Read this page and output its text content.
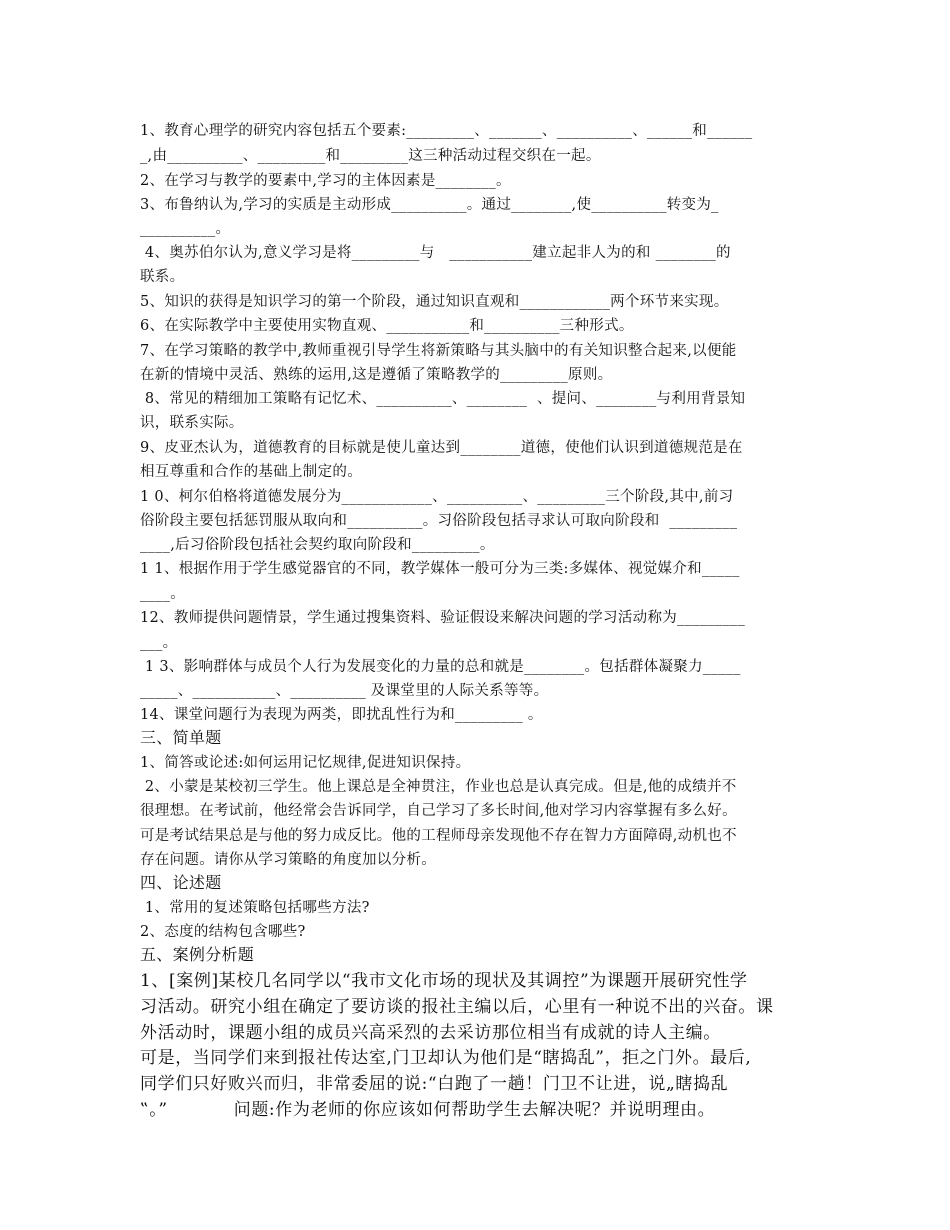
1、教育心理学的研究内容包括五个要素:_________、_______、__________、______和______
_,由__________、_________和_________这三种活动过程交织在一起。
2、在学习与教学的要素中,学习的主体因素是________。
3、布鲁纳认为,学习的实质是主动形成__________。通过________,使__________转变为_
__________。
4、奥苏伯尔认为,意义学习是将_________与   ___________建立起非人为的和 ________的
联系。
5、知识的获得是知识学习的第一个阶段，通过知识直观和____________两个环节来实现。
6、在实际教学中主要使用实物直观、___________和__________三种形式。
7、在学习策略的教学中,教师重视引导学生将新策略与其头脑中的有关知识整合起来,以便能
在新的情境中灵活、熟练的运用,这是遵循了策略教学的_________原则。
8、常见的精细加工策略有记忆术、__________、________  、提问、________与利用背景知
识，联系实际。
9、皮亚杰认为，道德教育的目标就是使儿童达到________道德，使他们认识到道德规范是在
相互尊重和合作的基础上制定的。
1 0、柯尔伯格将道德发展分为____________、__________、_________三个阶段,其中,前习
俗阶段主要包括惩罚服从取向和__________。习俗阶段包括寻求认可取向阶段和  _________
____,后习俗阶段包括社会契约取向阶段和_________。
1 1、根据作用于学生感觉器官的不同，教学媒体一般可分为三类:多媒体、视觉媒介和_____
____。
12、教师提供问题情景，学生通过搜集资料、验证假设来解决问题的学习活动称为_________
___。
1 3、影响群体与成员个人行为发展变化的力量的总和就是________。包括群体凝聚力_____
_____、___________、__________ 及课堂里的人际关系等等。
14、课堂问题行为表现为两类，即扰乱性行为和_________ 。
三、简单题
1、简答或论述:如何运用记忆规律,促进知识保持。
2、小蒙是某校初三学生。他上课总是全神贯注，作业也总是认真完成。但是,他的成绩并不
很理想。在考试前，他经常会告诉同学，自己学习了多长时间,他对学习内容掌握有多么好。
可是考试结果总是与他的努力成反比。他的工程师母亲发现他不存在智力方面障碍,动机也不
存在问题。请你从学习策略的角度加以分析。
四、论述题
1、常用的复述策略包括哪些方法?
2、态度的结构包含哪些?
五、案例分析题
1、[案例]某校几名同学以“我市文化市场的现状及其调控”为课题开展研究性学
习活动。研究小组在确定了要访谈的报社主编以后，心里有一种说不出的兴奋。课
外活动时，课题小组的成员兴高采烈的去采访那位相当有成就的诗人主编。
可是，当同学们来到报社传达室,门卫却认为他们是“瞎捣乱”，拒之门外。最后,
同学们只好败兴而归，非常委屈的说:“白跑了一趟！门卫不让进，说„瞎捣乱
‟。”           问题:作为老师的你应该如何帮助学生去解决呢？并说明理由。
